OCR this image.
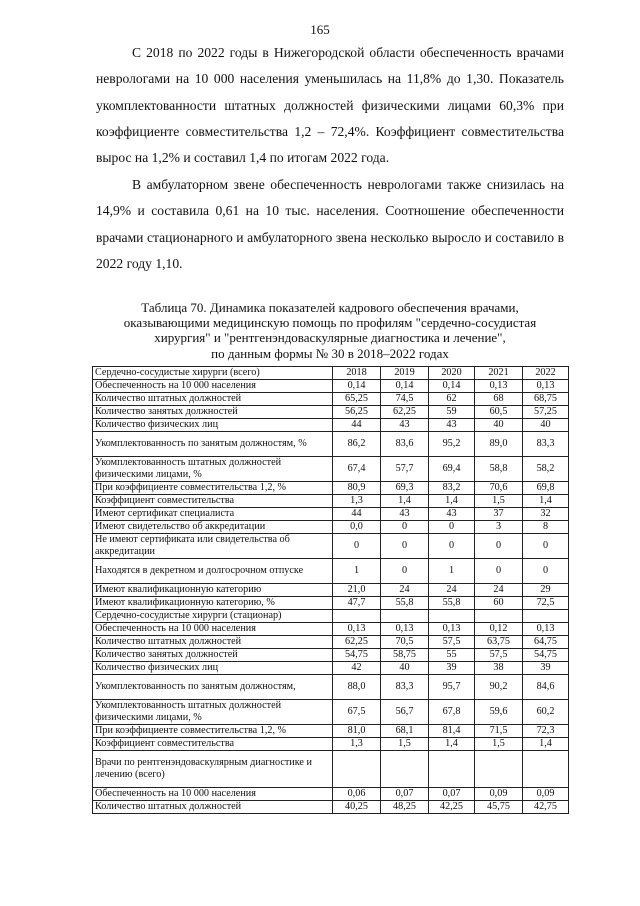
165

С 2018 по 2022 годы в Нижегородской области обеспеченность врачами неврологами на 10 000 населения уменьшилась на 11,8% до 1,30. Показатель укомплектованности штатных должностей физическими лицами 60,3% при коэффициенте совместительства 1,2 – 72,4%. Коэффициент совместительства вырос на 1,2% и составил 1,4 по итогам 2022 года.

В амбулаторном звене обеспеченность неврологами также снизилась на 14,9% и составила 0,61 на 10 тыс. населения. Соотношение обеспеченности врачами стационарного и амбулаторного звена несколько выросло и составило в 2022 году 1,10.

Таблица 70. Динамика показателей кадрового обеспечения врачами,
оказывающими медицинскую помощь по профилям "сердечно-сосудистая
хирургия" и "рентгенэндоваскулярные диагностика и лечение",
по данным формы № 30 в 2018–2022 годах
Сердечно-сосудистые хирурги (всего)	2018	2019	2020	2021	2022
Обеспеченность на 10 000 населения	0,14	0,14	0,14	0,13	0,13
Количество штатных должностей	65,25	74,5	62	68	68,75
Количество занятых должностей	56,25	62,25	59	60,5	57,25
Количество физических лиц	44	43	43	40	40
Укомплектованность по занятым должностям, %	86,2	83,6	95,2	89,0	83,3
Укомплектованность штатных должностей физическими лицами, %	67,4	57,7	69,4	58,8	58,2
При коэффициенте совместительства 1,2, %	80,9	69,3	83,2	70,6	69,8
Коэффициент совместительства	1,3	1,4	1,4	1,5	1,4
Имеют сертификат специалиста	44	43	43	37	32
Имеют свидетельство об аккредитации	0,0	0	0	3	8
Не имеют сертификата или свидетельства об аккредитации	0	0	0	0	0
Находятся в декретном и долгосрочном отпуске	1	0	1	0	0
Имеют квалификационную категорию	21,0	24	24	24	29
Имеют квалификационную категорию, %	47,7	55,8	55,8	60	72,5
Сердечно-сосудистые хирурги (стационар)					
Обеспеченность на 10 000 населения	0,13	0,13	0,13	0,12	0,13
Количество штатных должностей	62,25	70,5	57,5	63,75	64,75
Количество занятых должностей	54,75	58,75	55	57,5	54,75
Количество физических лиц	42	40	39	38	39
Укомплектованность по занятым должностям,	88,0	83,3	95,7	90,2	84,6
Укомплектованность штатных должностей физическими лицами, %	67,5	56,7	67,8	59,6	60,2
При коэффициенте совместительства 1,2, %	81,0	68,1	81,4	71,5	72,3
Коэффициент совместительства	1,3	1,5	1,4	1,5	1,4
Врачи по рентгенэндоваскулярным диагностике и лечению (всего)					
Обеспеченность на 10 000 населения	0,06	0,07	0,07	0,09	0,09
Количество штатных должностей	40,25	48,25	42,25	45,75	42,75
